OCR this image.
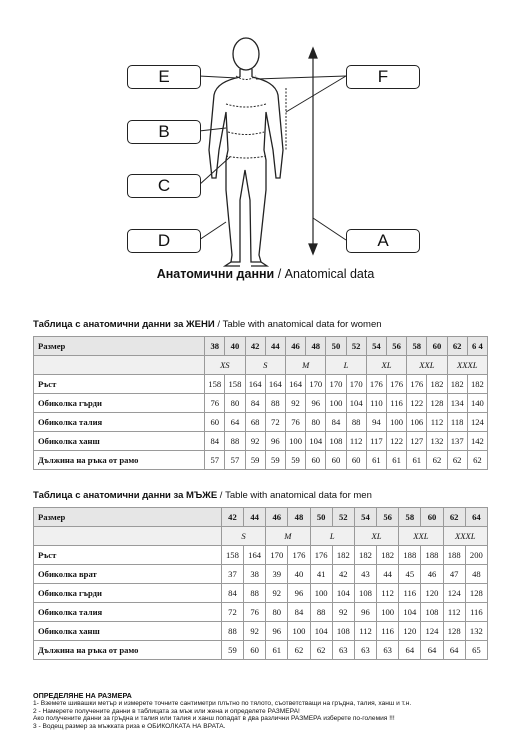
E
B
C
D
F
A
Анатомични данни / Anatomical data
Таблица с анатомични данни за ЖЕНИ / Table with anatomical data for women
Размер	38	40	42	44	46	48	50	52	54	56	58	60	62	6 4
	XS		S		M		L		XL		XXL		XXXL	
Ръст	158	158	164	164	164	170	170	170	176	176	176	182	182	182
Обиколка гърди	76	80	84	88	92	96	100	104	110	116	122	128	134	140
Обиколка талия	60	64	68	72	76	80	84	88	94	100	106	112	118	124
Обиколка ханш	84	88	92	96	100	104	108	112	117	122	127	132	137	142
Дължина на ръка от рамо	57	57	59	59	59	60	60	60	61	61	61	62	62	62
Таблица с анатомични данни за МЪЖЕ / Table with anatomical data for men
Размер	42	44	46	48	50	52	54	56	58	60	62	64
	S		M		L		XL		XXL		XXXL	
Ръст	158	164	170	176	176	182	182	182	188	188	188	200
Обиколка врат	37	38	39	40	41	42	43	44	45	46	47	48
Обиколка гърди	84	88	92	96	100	104	108	112	116	120	124	128
Обиколка талия	72	76	80	84	88	92	96	100	104	108	112	116
Обиколка ханш	88	92	96	100	104	108	112	116	120	124	128	132
Дължина на ръка от рамо	59	60	61	62	62	63	63	63	64	64	64	65
ОПРЕДЕЛЯНЕ НА РАЗМЕРА
1- Вземете шивашки метър и измерете точните сантиметри плътно по тялото, съответстващи на гръдна, талия, ханш и т.н.
2 - Намерете получените данни в таблицата за мъж или жена и определете РАЗМЕРА!
Ако получените данни за гръдна и талия или талия и ханш попадат в два различни РАЗМЕРА изберете по-големия !!!
3 - Водещ размер за мъжката риза е ОБИКОЛКАТА НА ВРАТА.
